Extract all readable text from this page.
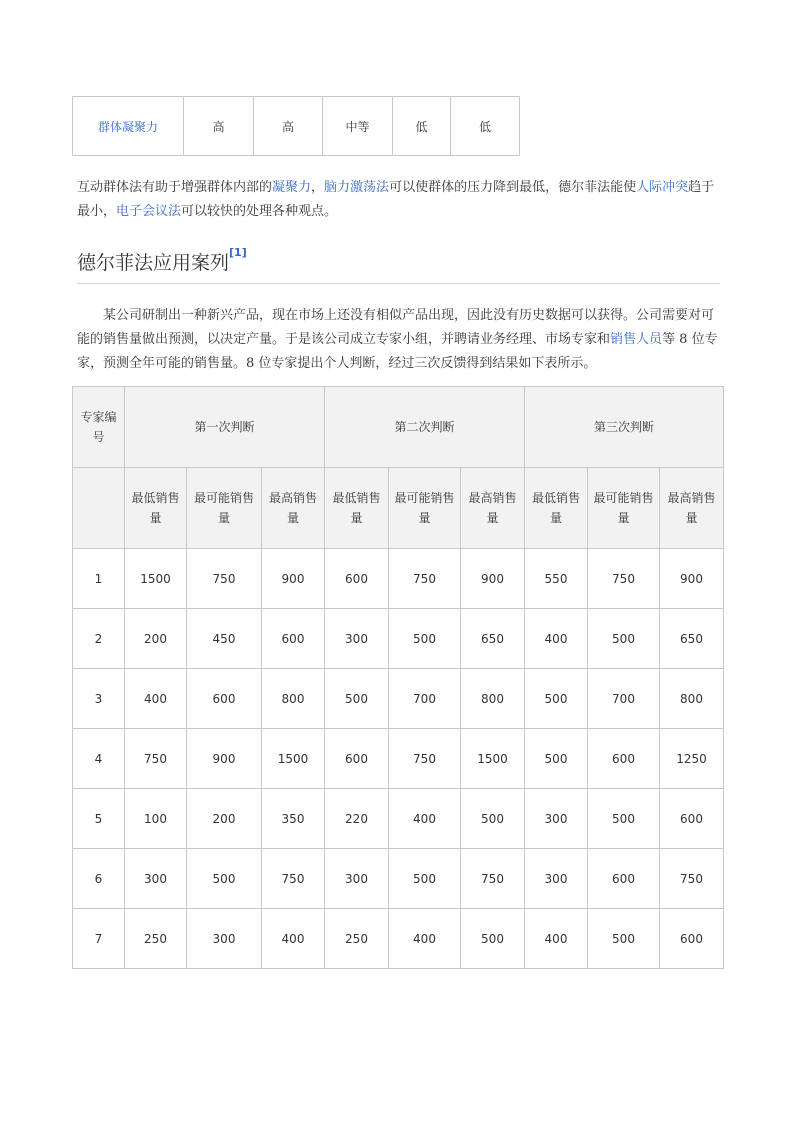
群体凝聚力	高	高	中等	低	低

互动群体法有助于增强群体内部的凝聚力，脑力激荡法可以使群体的压力降到最低，德尔菲法能使人际冲突趋于最小，电子会议法可以较快的处理各种观点。

德尔菲法应用案列[1]

某公司研制出一种新兴产品，现在市场上还没有相似产品出现，因此没有历史数据可以获得。公司需要对可能的销售量做出预测，以决定产量。于是该公司成立专家小组，并聘请业务经理、市场专家和销售人员等 8 位专家，预测全年可能的销售量。8 位专家提出个人判断，经过三次反馈得到结果如下表所示。

专家编号	第一次判断			第二次判断			第三次判断		
	最低销售量	最可能销售量	最高销售量	最低销售量	最可能销售量	最高销售量	最低销售量	最可能销售量	最高销售量
1	1500	750	900	600	750	900	550	750	900
2	200	450	600	300	500	650	400	500	650
3	400	600	800	500	700	800	500	700	800
4	750	900	1500	600	750	1500	500	600	1250
5	100	200	350	220	400	500	300	500	600
6	300	500	750	300	500	750	300	600	750
7	250	300	400	250	400	500	400	500	600
